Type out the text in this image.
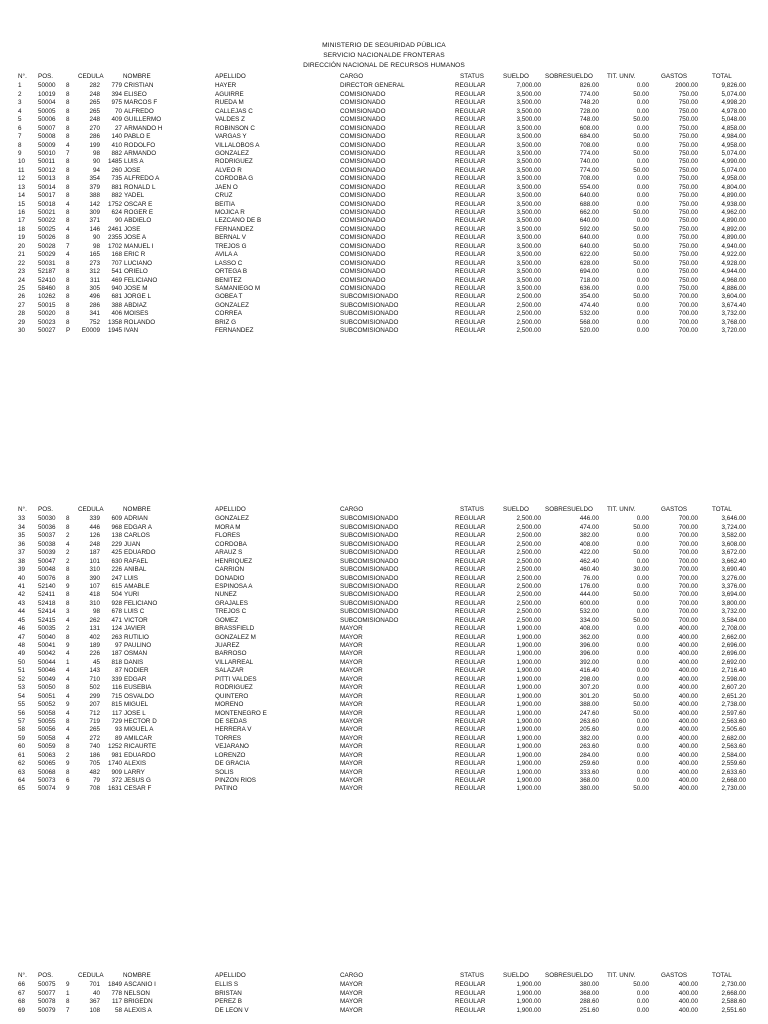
MINISTERIO DE SEGURIDAD PÚBLICA
SERVICIO NACIONALDE FRONTERAS
DIRECCIÓN NACIONAL DE RECURSOS HUMANOS
N°. POS.	CEDULA	NOMBRE	APELLIDO	CARGO	STATUS	SUELDO	SOBRESUELDO TIT. UNIV.	GASTOS	TOTAL
1	50000 8	282	779 CRISTIAN	HAYER	DIRECTOR GENERAL	REGULAR	7,000.00	826.00	0.00	2000.00	9,826.00
2	10019 8	248	394 ELISEO	AGUIRRE	COMISIONADO	REGULAR	3,500.00	774.00	50.00	750.00	5,074.00
3	50004 8	265	975 MARCOS F	RUEDA M	COMISIONADO	REGULAR	3,500.00	748.20	0.00	750.00	4,998.20
4	50005 8	265	70 ALFREDO	CALLEJAS C	COMISIONADO	REGULAR	3,500.00	728.00	0.00	750.00	4,978.00
5	50006 8	248	409 GUILLERMO	VALDES Z	COMISIONADO	REGULAR	3,500.00	748.00	50.00	750.00	5,048.00
6	50007 8	270	27 ARMANDO H	ROBINSON C	COMISIONADO	REGULAR	3,500.00	608.00	0.00	750.00	4,858.00
7	50008 8	286	140 PABLO E	VARGAS Y	COMISIONADO	REGULAR	3,500.00	684.00	50.00	750.00	4,984.00
8	50009 4	199	410 RODOLFO	VILLALOBOS A	COMISIONADO	REGULAR	3,500.00	708.00	0.00	750.00	4,958.00
9	50010 7	98	882 ARMANDO	GONZALEZ	COMISIONADO	REGULAR	3,500.00	774.00	50.00	750.00	5,074.00
10 50011 8	90	1485 LUIS A	RODRIGUEZ	COMISIONADO	REGULAR	3,500.00	740.00	0.00	750.00	4,990.00
11 50012 8	94	260 JOSE	ALVEO R	COMISIONADO	REGULAR	3,500.00	774.00	50.00	750.00	5,074.00
12 50013 8	354	735 ALFREDO A	CORDOBA G	COMISIONADO	REGULAR	3,500.00	708.00	0.00	750.00	4,958.00
13 50014 8	379	881 RONALD L	JAEN O	COMISIONADO	REGULAR	3,500.00	554.00	0.00	750.00	4,804.00
14 50017 8	388	882 YADEL	CRUZ	COMISIONADO	REGULAR	3,500.00	640.00	0.00	750.00	4,890.00
15 50018 4	142	1752 OSCAR E	BEITIA	COMISIONADO	REGULAR	3,500.00	688.00	0.00	750.00	4,938.00
16 50021 8	309	624 ROGER E	MOJICA R	COMISIONADO	REGULAR	3,500.00	662.00	50.00	750.00	4,962.00
17 50022 8	371	90 ABDIELO	LEZCANO DE B	COMISIONADO	REGULAR	3,500.00	640.00	0.00	750.00	4,890.00
18 50025 4	146	2461 JOSE	FERNANDEZ	COMISIONADO	REGULAR	3,500.00	592.00	50.00	750.00	4,892.00
19 50026 8	90	2355 JOSE A	BERNAL V	COMISIONADO	REGULAR	3,500.00	640.00	0.00	750.00	4,890.00
20 50028 7	98	1702 MANUEL I	TREJOS G	COMISIONADO	REGULAR	3,500.00	640.00	50.00	750.00	4,940.00
21 50029 4	165	168 ERIC R	AVILA A	COMISIONADO	REGULAR	3,500.00	622.00	50.00	750.00	4,922.00
22 50031 8	273	707 LUCIANO	LASSO C	COMISIONADO	REGULAR	3,500.00	628.00	50.00	750.00	4,928.00
23 52187 8	312	541 ORIELO	ORTEGA B	COMISIONADO	REGULAR	3,500.00	694.00	0.00	750.00	4,944.00
24 52410 8	311	469 FELICIANO	BENITEZ	COMISIONADO	REGULAR	3,500.00	718.00	0.00	750.00	4,968.00
25 58460 8	305	940 JOSE M	SAMANIEGO M	COMISIONADO	REGULAR	3,500.00	636.00	0.00	750.00	4,886.00
26 10262 8	496	681 JORGE L	GOBEA T	SUBCOMISIONADO	REGULAR	2,500.00	354.00	50.00	700.00	3,604.00
27 50015 8	286	388 ABDIAZ	GONZALEZ	SUBCOMISIONADO	REGULAR	2,500.00	474.40	0.00	700.00	3,674.40
28 50020 8	341	406 MOISES	CORREA	SUBCOMISIONADO	REGULAR	2,500.00	532.00	0.00	700.00	3,732.00
29 50023 8	752	1358 ROLANDO	BRIZ G	SUBCOMISIONADO	REGULAR	2,500.00	568.00	0.00	700.00	3,768.00
30 50027 P	E0009	1945 IVAN	FERNANDEZ	SUBCOMISIONADO	REGULAR	2,500.00	520.00	0.00	700.00	3,720.00
N°. POS.	CEDULA	NOMBRE	APELLIDO	CARGO	STATUS	SUELDO	SOBRESUELDO TIT. UNIV.	GASTOS	TOTAL
33 50030 8	339	609 ADRIAN	GONZALEZ	SUBCOMISIONADO	REGULAR	2,500.00	446.00	0.00	700.00	3,646.00
34 50036 8	446	968 EDGAR A	MORA M	SUBCOMISIONADO	REGULAR	2,500.00	474.00	50.00	700.00	3,724.00
35 50037 2	126	138 CARLOS	FLORES	SUBCOMISIONADO	REGULAR	2,500.00	382.00	0.00	700.00	3,582.00
36 50038 4	248	229 JUAN	CORDOBA	SUBCOMISIONADO	REGULAR	2,500.00	408.00	0.00	700.00	3,608.00
37 50039 2	187	425 EDUARDO	ARAUZ S	SUBCOMISIONADO	REGULAR	2,500.00	422.00	50.00	700.00	3,672.00
38 50047 2	101	630 RAFAEL	HENRIQUEZ	SUBCOMISIONADO	REGULAR	2,500.00	462.40	0.00	700.00	3,662.40
39 50048 8	310	226 ANIBAL	CARRION	SUBCOMISIONADO	REGULAR	2,500.00	460.40	30.00	700.00	3,690.40
40 50076 8	390	247 LUIS	DONADIO	SUBCOMISIONADO	REGULAR	2,500.00	76.00	0.00	700.00	3,276.00
41 52140 9	107	615 AMABLE	ESPINOSA A	SUBCOMISIONADO	REGULAR	2,500.00	176.00	0.00	700.00	3,376.00
42 52411 8	418	504 YURI	NUNEZ	SUBCOMISIONADO	REGULAR	2,500.00	444.00	50.00	700.00	3,694.00
43 52418 8	310	928 FELICIANO	GRAJALES	SUBCOMISIONADO	REGULAR	2,500.00	600.00	0.00	700.00	3,800.00
44 52414 3	98	678 LUIS C	TREJOS C	SUBCOMISIONADO	REGULAR	2,500.00	532.00	0.00	700.00	3,732.00
45 52415 4	262	471 VICTOR	GOMEZ	SUBCOMISIONADO	REGULAR	2,500.00	334.00	50.00	700.00	3,584.00
46 50035 2	131	124 JAVIER	BRASSFIELD	MAYOR	REGULAR	1,900.00	408.00	0.00	400.00	2,708.00
47 50040 8	402	263 RUTILIO	GONZALEZ M	MAYOR	REGULAR	1,900.00	362.00	0.00	400.00	2,662.00
48 50041 9	189	97 PAULINO	JUAREZ	MAYOR	REGULAR	1,900.00	396.00	0.00	400.00	2,696.00
49 50042 4	226	187 OSMAN	BARROSO	MAYOR	REGULAR	1,900.00	396.00	0.00	400.00	2,696.00
50 50044 1	45	818 DANIS	VILLARREAL	MAYOR	REGULAR	1,900.00	392.00	0.00	400.00	2,692.00
51 50046 4	143	87 NODIER	SALAZAR	MAYOR	REGULAR	1,900.00	416.40	0.00	400.00	2,716.40
52 50049 4	710	339 EDGAR	PITTI VALDES	MAYOR	REGULAR	1,900.00	298.00	0.00	400.00	2,598.00
53 50050 8	502	116 EUSEBIA	RODRIGUEZ	MAYOR	REGULAR	1,900.00	307.20	0.00	400.00	2,607.20
54 50051 4	299	715 OSVALDO	QUINTERO	MAYOR	REGULAR	1,900.00	301.20	50.00	400.00	2,651.20
55 50052 9	207	815 MIGUEL	MORENO	MAYOR	REGULAR	1,900.00	388.00	50.00	400.00	2,738.00
56 50058 4	712	117 JOSE L	MONTENEGRO E	MAYOR	REGULAR	1,900.00	247.60	50.00	400.00	2,597.60
57 50055 8	719	729 HECTOR D	DE SEDAS	MAYOR	REGULAR	1,900.00	263.60	0.00	400.00	2,563.60
58 50056 4	265	93 MIGUEL A	HERRERA V	MAYOR	REGULAR	1,900.00	205.60	0.00	400.00	2,505.60
59 50058 4	272	89 AMILCAR	TORRES	MAYOR	REGULAR	1,900.00	382.00	0.00	400.00	2,682.00
60 50059 8	740	1252 RICAURTE	VEJARANO	MAYOR	REGULAR	1,900.00	263.60	0.00	400.00	2,563.60
61 50063 2	186	981 EDUARDO	LORENZO	MAYOR	REGULAR	1,900.00	284.00	0.00	400.00	2,584.00
62 50065 9	705	1740 ALEXIS	DE GRACIA	MAYOR	REGULAR	1,900.00	259.60	0.00	400.00	2,559.60
63 50068 8	482	909 LARRY	SOLIS	MAYOR	REGULAR	1,900.00	333.60	0.00	400.00	2,633.60
64 50073 6	79	372 JESUS G	PINZON RIOS	MAYOR	REGULAR	1,900.00	368.00	0.00	400.00	2,668.00
65 50074 9	708	1631 CESAR F	PATINO	MAYOR	REGULAR	1,900.00	380.00	50.00	400.00	2,730.00
N°. POS.	CEDULA	NOMBRE	APELLIDO	CARGO	STATUS	SUELDO	SOBRESUELDO TIT. UNIV.	GASTOS	TOTAL
66 50075 9	701	1849 ASCANIO I	ELLIS S	MAYOR	REGULAR	1,900.00	380.00	50.00	400.00	2,730.00
67 50077 1	40	778 NELSON	BRISTAN	MAYOR	REGULAR	1,900.00	368.00	0.00	400.00	2,668.00
68 50078 8	367	117 BRIGEDN	PEREZ B	MAYOR	REGULAR	1,900.00	288.60	0.00	400.00	2,588.60
69 50079 7	108	58 ALEXIS A	DE LEON V	MAYOR	REGULAR	1,900.00	251.60	0.00	400.00	2,551.60
